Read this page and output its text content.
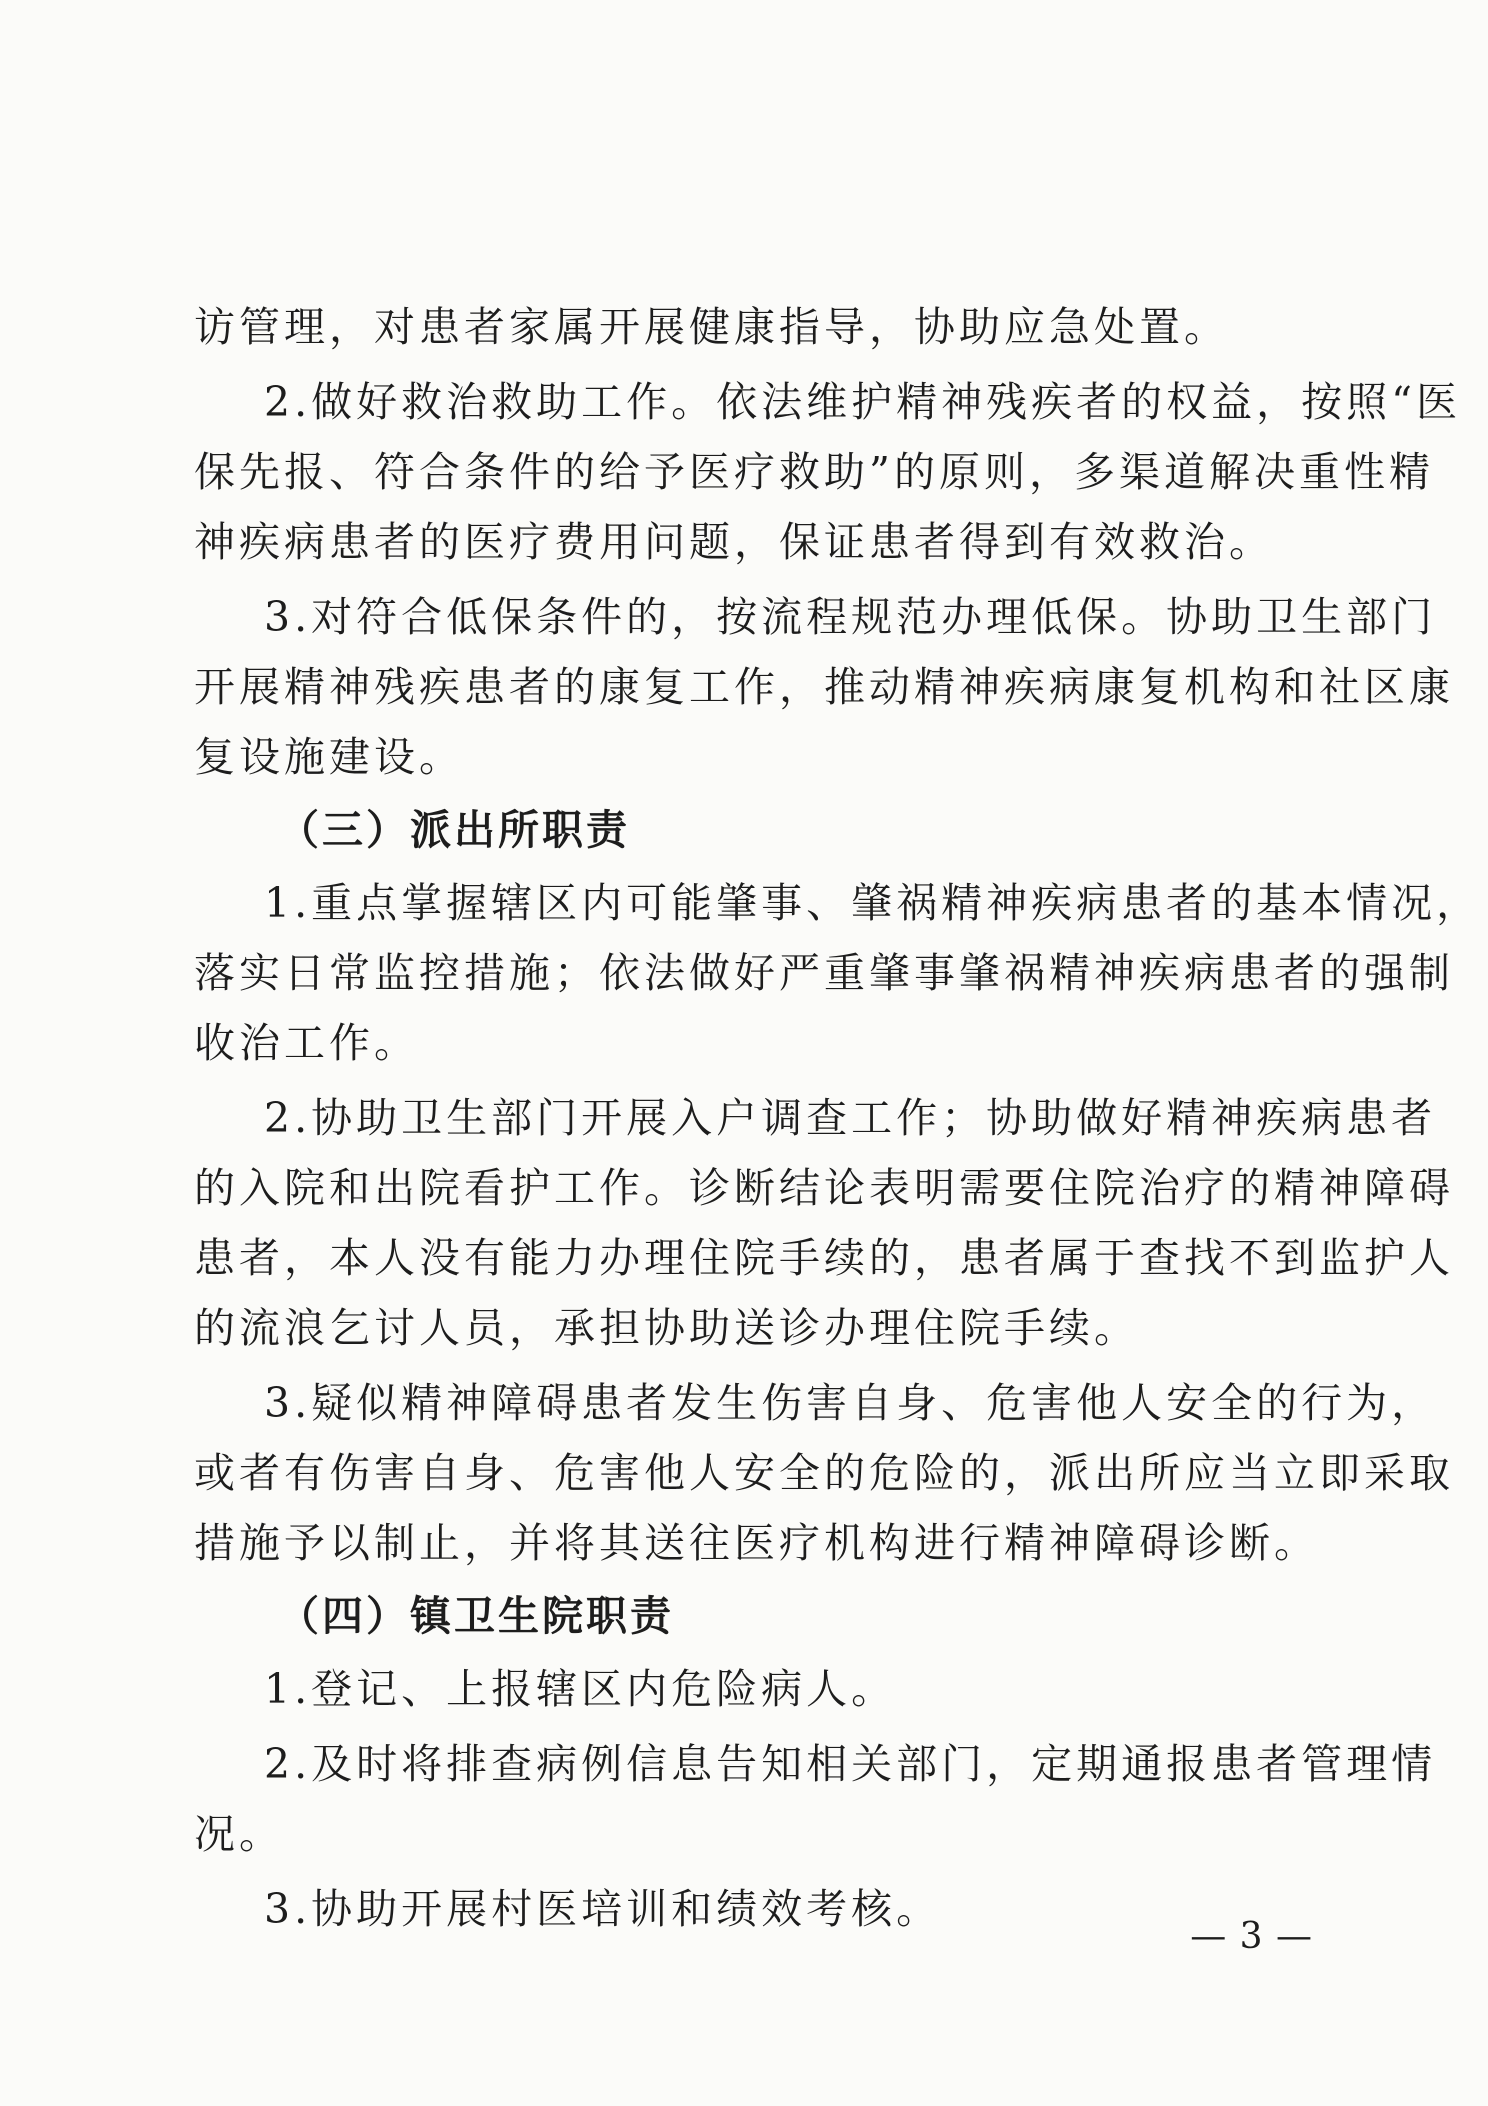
访管理，对患者家属开展健康指导，协助应急处置。
2.做好救治救助工作。依法维护精神残疾者的权益，按照“医
保先报、符合条件的给予医疗救助”的原则，多渠道解决重性精
神疾病患者的医疗费用问题，保证患者得到有效救治。
3.对符合低保条件的，按流程规范办理低保。协助卫生部门
开展精神残疾患者的康复工作，推动精神疾病康复机构和社区康
复设施建设。
（三）派出所职责
1.重点掌握辖区内可能肇事、肇祸精神疾病患者的基本情况，
落实日常监控措施；依法做好严重肇事肇祸精神疾病患者的强制
收治工作。
2.协助卫生部门开展入户调查工作；协助做好精神疾病患者
的入院和出院看护工作。诊断结论表明需要住院治疗的精神障碍
患者，本人没有能力办理住院手续的，患者属于查找不到监护人
的流浪乞讨人员，承担协助送诊办理住院手续。
3.疑似精神障碍患者发生伤害自身、危害他人安全的行为，
或者有伤害自身、危害他人安全的危险的，派出所应当立即采取
措施予以制止，并将其送往医疗机构进行精神障碍诊断。
（四）镇卫生院职责
1.登记、上报辖区内危险病人。
2.及时将排查病例信息告知相关部门，定期通报患者管理情
况。
3.协助开展村医培训和绩效考核。
— 3 —
